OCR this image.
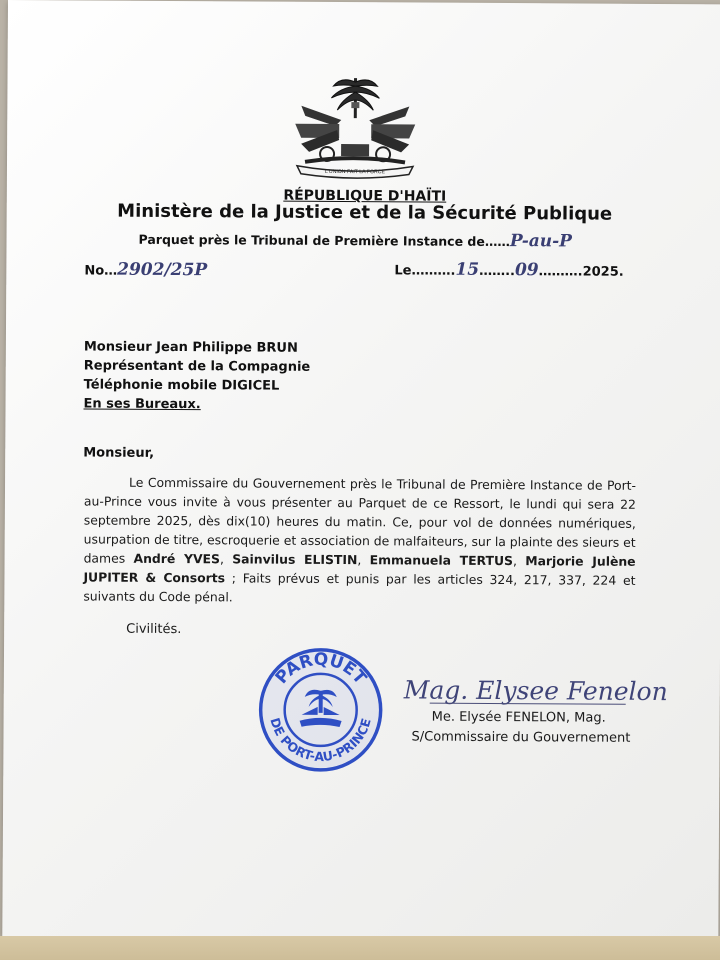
L'UNION FAIT LA FORCE
RÉPUBLIQUE D'HAÏTI
Ministère de la Justice et de la Sécurité Publique
Parquet près le Tribunal de Première Instance de……P-au-P
No…2902/25P	Le……….15……..09……….2025.
Monsieur Jean Philippe BRUN
Représentant de la Compagnie
Téléphonie mobile DIGICEL
En ses Bureaux.
Monsieur,

Le Commissaire du Gouvernement près le Tribunal de Première Instance de Port-au-Prince vous invite à vous présenter au Parquet de ce Ressort, le lundi qui sera 22 septembre 2025, dès dix(10) heures du matin. Ce, pour vol de données numériques, usurpation de titre, escroquerie et association de malfaiteurs, sur la plainte des sieurs et dames André YVES, Sainvilus ELISTIN, Emmanuela TERTUS, Marjorie Julène JUPITER & Consorts ; Faits prévus et punis par les articles 324, 217, 337, 224 et suivants du Code pénal.

Civilités.
PARQUET
DE PORT-AU-PRINCE
Mag. Elysee Fenelon
Me. Elysée FENELON, Mag.
S/Commissaire du Gouvernement
